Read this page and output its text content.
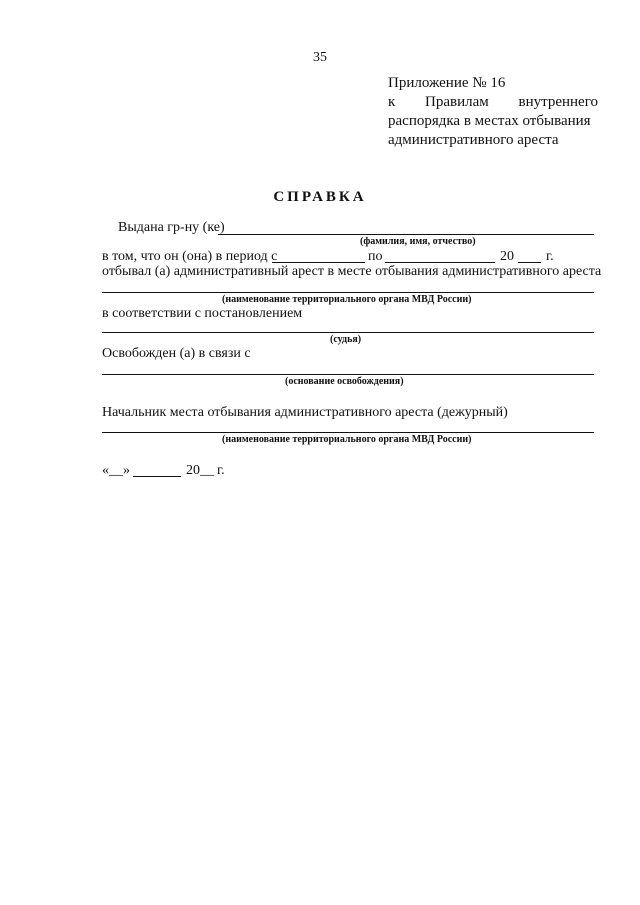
35
Приложение № 16
к Правилам внутреннего
распорядка в местах отбывания
административного ареста
СПРАВКА
Выдана гр-ну (ке)
(фамилия, имя, отчество)
в том, что он (она) в период с	по	20 г.
отбывал (а) административный арест в месте отбывания административного ареста
(наименование территориального органа МВД России)
в соответствии с постановлением
(судья)
Освобожден (а) в связи с
(основание освобождения)
Начальник места отбывания административного ареста (дежурный)
(наименование территориального органа МВД России)
«__»	20__ г.
